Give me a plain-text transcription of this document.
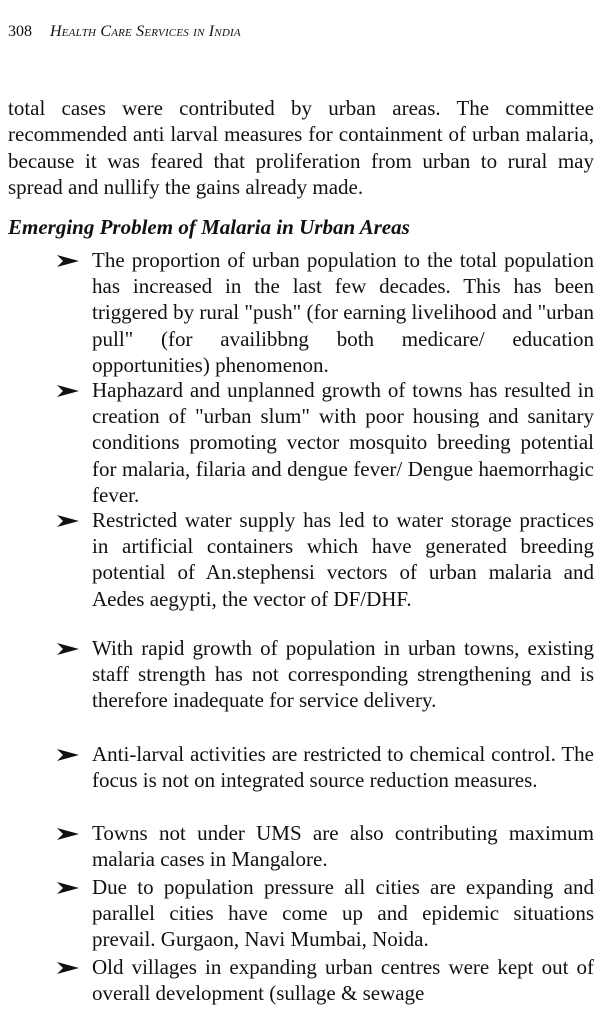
308 Health Care Services in India

total cases were contributed by urban areas. The committee recommended anti larval measures for containment of urban malaria, because it was feared that proliferation from urban to rural may spread and nullify the gains already made.

Emerging Problem of Malaria in Urban Areas

The proportion of urban population to the total population has increased in the last few decades. This has been triggered by rural "push" (for earning livelihood and "urban pull" (for availibbng both medicare/ education opportunities) phenomenon.

Haphazard and unplanned growth of towns has resulted in creation of "urban slum" with poor housing and sanitary conditions promoting vector mosquito breeding potential for malaria, filaria and dengue fever/ Dengue haemorrhagic fever.

Restricted water supply has led to water storage practices in artificial containers which have generated breeding potential of An.stephensi vectors of urban malaria and Aedes aegypti, the vector of DF/DHF.

With rapid growth of population in urban towns, existing staff strength has not corresponding strengthening and is therefore inadequate for service delivery.

Anti-larval activities are restricted to chemical control. The focus is not on integrated source reduction measures.

Towns not under UMS are also contributing maximum malaria cases in Mangalore.

Due to population pressure all cities are expanding and parallel cities have come up and epidemic situations prevail. Gurgaon, Navi Mumbai, Noida.

Old villages in expanding urban centres were kept out of overall development (sullage & sewage
